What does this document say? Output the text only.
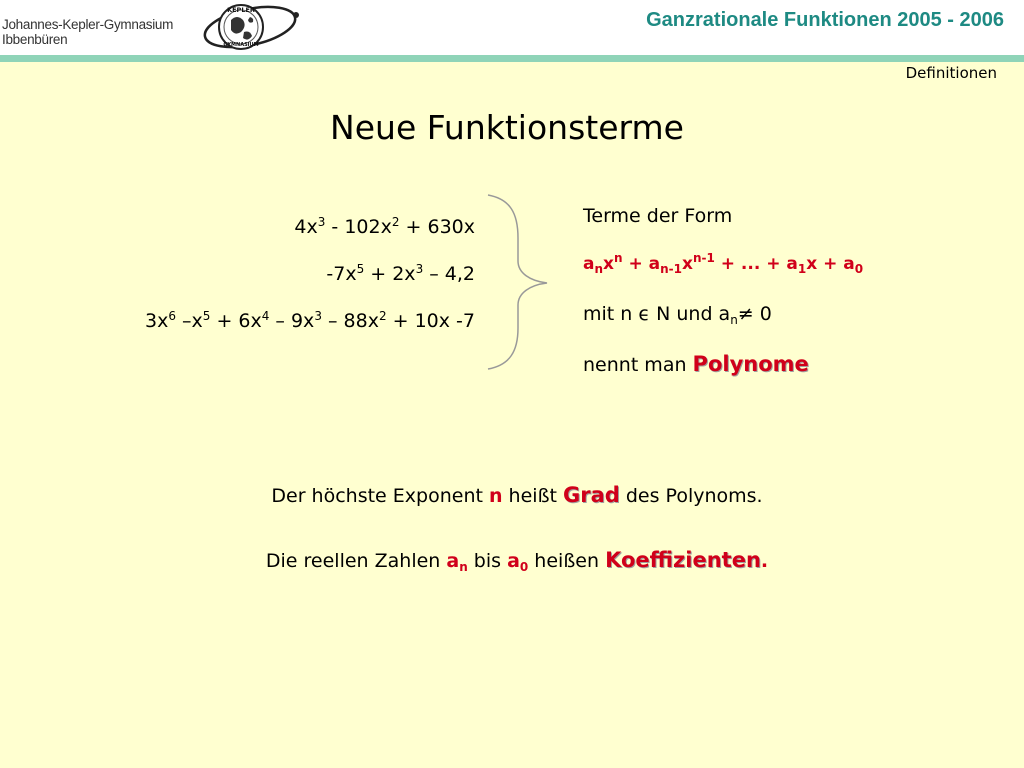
Johannes-Kepler-Gymnasium
Ibbenbüren
KEPLER
GYMNASIUM
Ganzrationale Funktionen 2005 - 2006
Definitionen
Neue Funktionsterme
$4x^3 - 102x^2 + 630x$
$-7x^5 + 2x^3 - 4,2$
$3x^6$ $-x^5 + 6x^4 - 9x^3 - 88x^2 + 10x$ -7
Terme der Form
$a_nx^n + a_{n-1}x^{n-1}$ + ... + $a_1x + a_0$
mit n ϵ N und $a_n\ne 0$
nennt man Polynome
Der höchste Exponent n heißt Grad des Polynoms.
Die reellen Zahlen $a_n$ bis $a_0$ heißen Koeffizienten.
